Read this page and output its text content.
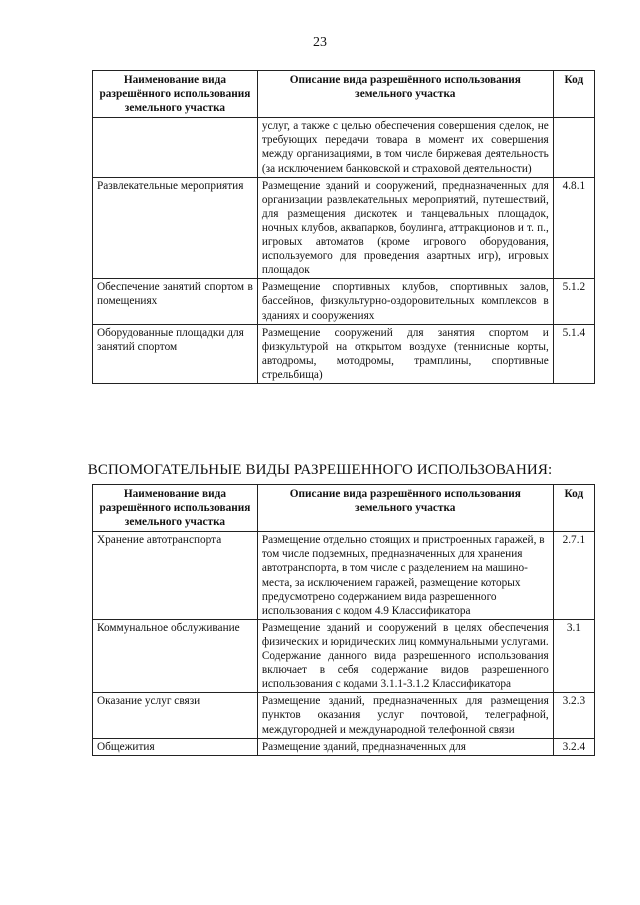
23
Наименование вида разрешённого использования земельного участка	Описание вида разрешённого использования земельного участка	Код
	услуг, а также с целью обеспечения совершения сделок, не требующих передачи товара в момент их совершения между организациями, в том числе биржевая деятельность (за исключением банковской и страховой деятельности)	
Развлекательные мероприятия	Размещение зданий и сооружений, предназначенных для организации развлекательных мероприятий, путешествий, для размещения дискотек и танцевальных площадок, ночных клубов, аквапарков, боулинга, аттракционов и т. п., игровых автоматов (кроме игрового оборудования, используемого для проведения азартных игр), игровых площадок	4.8.1
Обеспечение занятий спортом в помещениях	Размещение спортивных клубов, спортивных залов, бассейнов, физкультурно-оздоровительных комплексов в зданиях и сооружениях	5.1.2
Оборудованные площадки для занятий спортом	Размещение сооружений для занятия спортом и физкультурой на открытом воздухе (теннисные корты, автодромы, мотодромы, трамплины, спортивные стрельбища)	5.1.4
ВСПОМОГАТЕЛЬНЫЕ ВИДЫ РАЗРЕШЕННОГО ИСПОЛЬЗОВАНИЯ:
Наименование вида разрешённого использования земельного участка	Описание вида разрешённого использования земельного участка	Код
Хранение автотранспорта	Размещение отдельно стоящих и пристроенных гаражей, в том числе подземных, предназначенных для хранения автотранспорта, в том числе с разделением на машино-места, за исключением гаражей, размещение которых предусмотрено содержанием вида разрешенного использования с кодом 4.9 Классификатора	2.7.1
Коммунальное обслуживание	Размещение зданий и сооружений в целях обеспечения физических и юридических лиц коммунальными услугами. Содержание данного вида разрешенного использования включает в себя содержание видов разрешенного использования с кодами 3.1.1-3.1.2 Классификатора	3.1
Оказание услуг связи	Размещение зданий, предназначенных для размещения пунктов оказания услуг почтовой, телеграфной, междугородней и международной телефонной связи	3.2.3
Общежития	Размещение зданий, предназначенных для	3.2.4
